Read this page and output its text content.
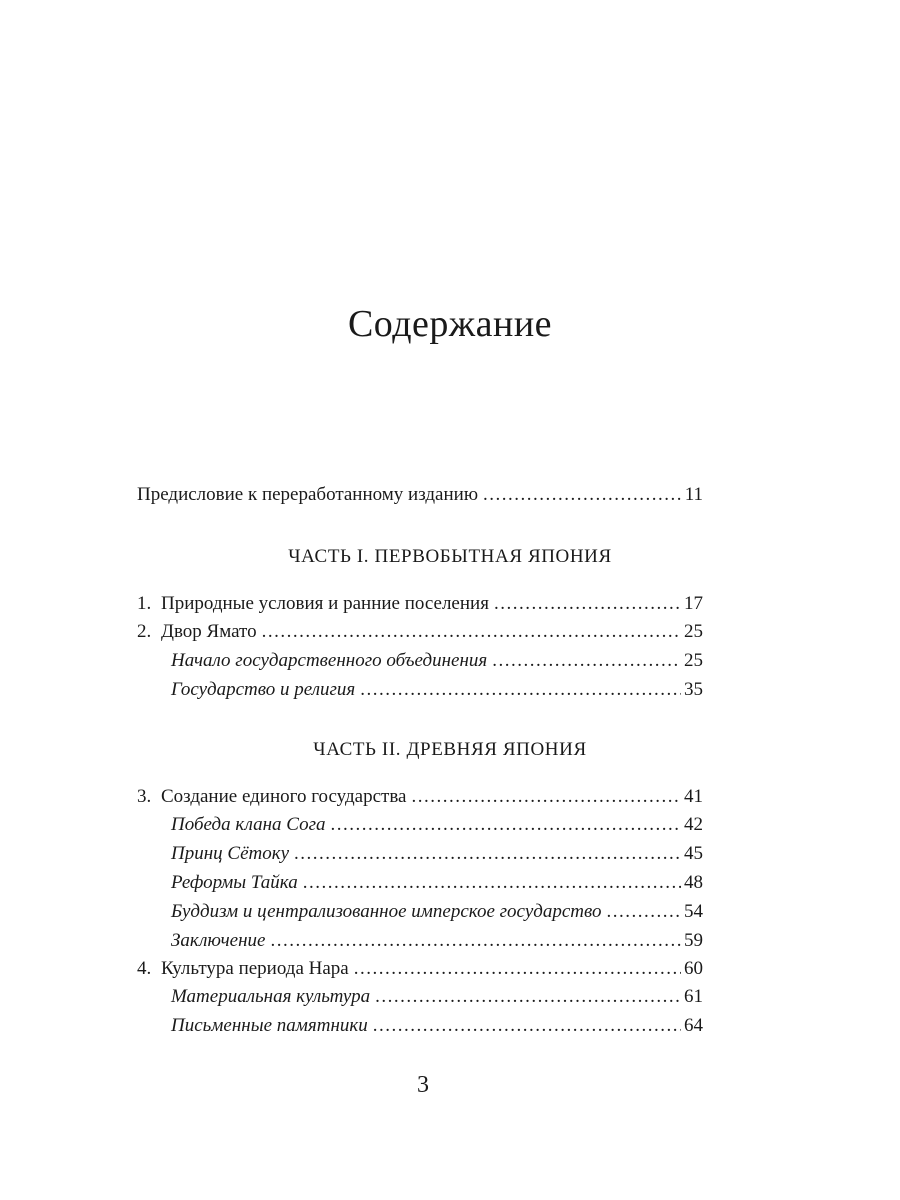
Содержание
Предисловие к переработанному изданию .....	11
ЧАСТЬ I. ПЕРВОБЫТНАЯ ЯПОНИЯ
1. Природные условия и ранние поселения .....	17
2. Двор Ямато .....	25
Начало государственного объединения .....	25
Государство и религия .....	35
ЧАСТЬ II. ДРЕВНЯЯ ЯПОНИЯ
3. Создание единого государства .....	41
Победа клана Сога .....	42
Принц Сётоку .....	45
Реформы Тайка .....	48
Буддизм и централизованное имперское государство .....	54
Заключение .....	59
4. Культура периода Нара .....	60
Материальная культура .....	61
Письменные памятники .....	64
3
